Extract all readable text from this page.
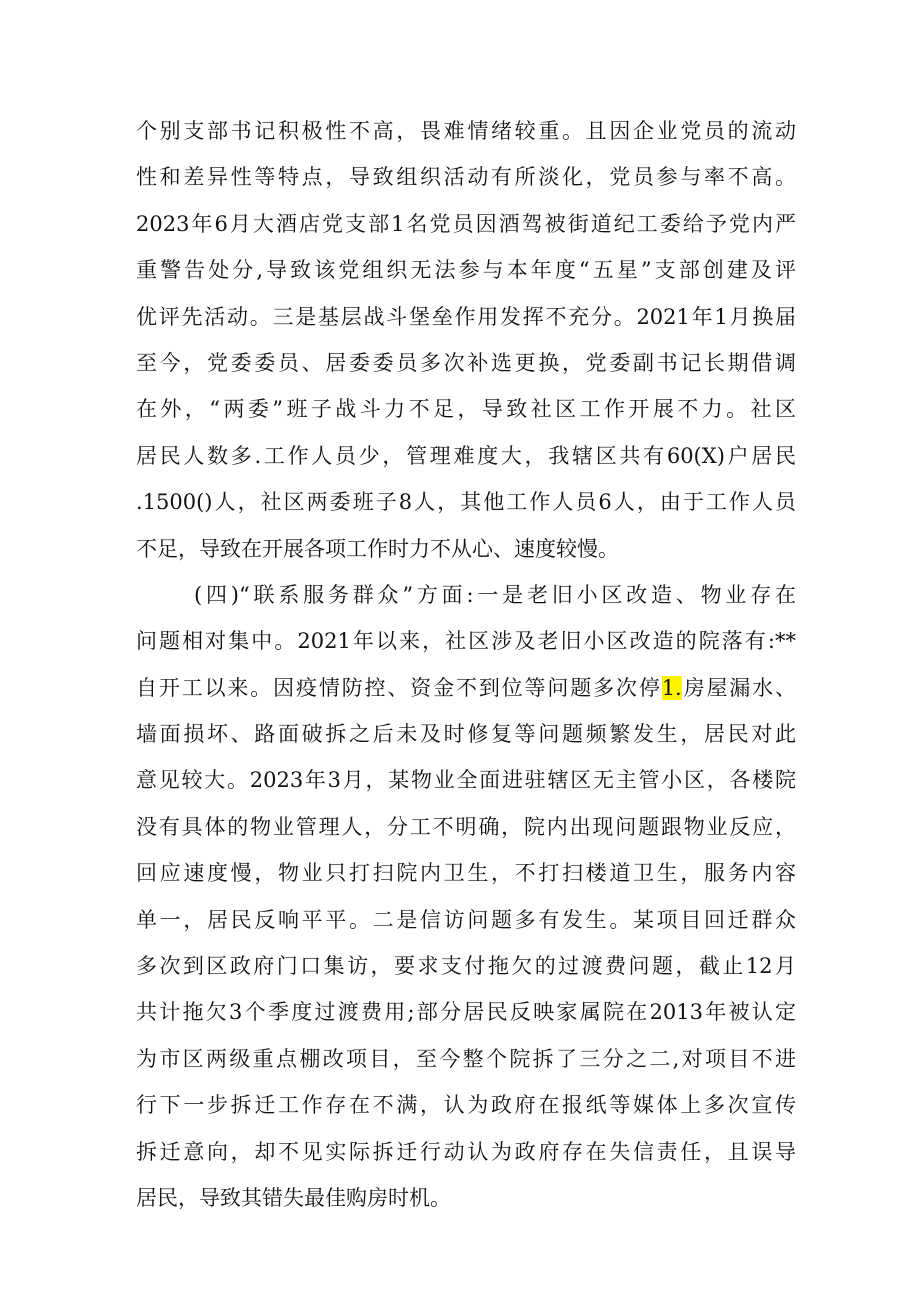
个别支部书记积极性不高，畏难情绪较重。且因企业党员的流动
性和差异性等特点，导致组织活动有所淡化，党员参与率不高。
2023年6月大酒店党支部1名党员因酒驾被街道纪工委给予党内严
重警告处分,导致该党组织无法参与本年度“五星”支部创建及评
优评先活动。三是基层战斗堡垒作用发挥不充分。2021年1月换届
至今，党委委员、居委委员多次补选更换，党委副书记长期借调
在外，“两委”班子战斗力不足，导致社区工作开展不力。社区
居民人数多.工作人员少，管理难度大，我辖区共有60(X)户居民
.1500()人，社区两委班子8人，其他工作人员6人，由于工作人员
不足，导致在开展各项工作时力不从心、速度较慢。
(四)“联系服务群众”方面:一是老旧小区改造、物业存在
问题相对集中。2021年以来，社区涉及老旧小区改造的院落有:**
自开工以来。因疫情防控、资金不到位等问题多次停1.房屋漏水、
墙面损坏、路面破拆之后未及时修复等问题频繁发生，居民对此
意见较大。2023年3月，某物业全面进驻辖区无主管小区，各楼院
没有具体的物业管理人，分工不明确，院内出现问题跟物业反应，
回应速度慢，物业只打扫院内卫生，不打扫楼道卫生，服务内容
单一，居民反响平平。二是信访问题多有发生。某项目回迁群众
多次到区政府门口集访，要求支付拖欠的过渡费问题，截止12月
共计拖欠3个季度过渡费用;部分居民反映家属院在2013年被认定
为市区两级重点棚改项目，至今整个院拆了三分之二,对项目不进
行下一步拆迁工作存在不满，认为政府在报纸等媒体上多次宣传
拆迁意向，却不见实际拆迁行动认为政府存在失信责任，且误导
居民，导致其错失最佳购房时机。
